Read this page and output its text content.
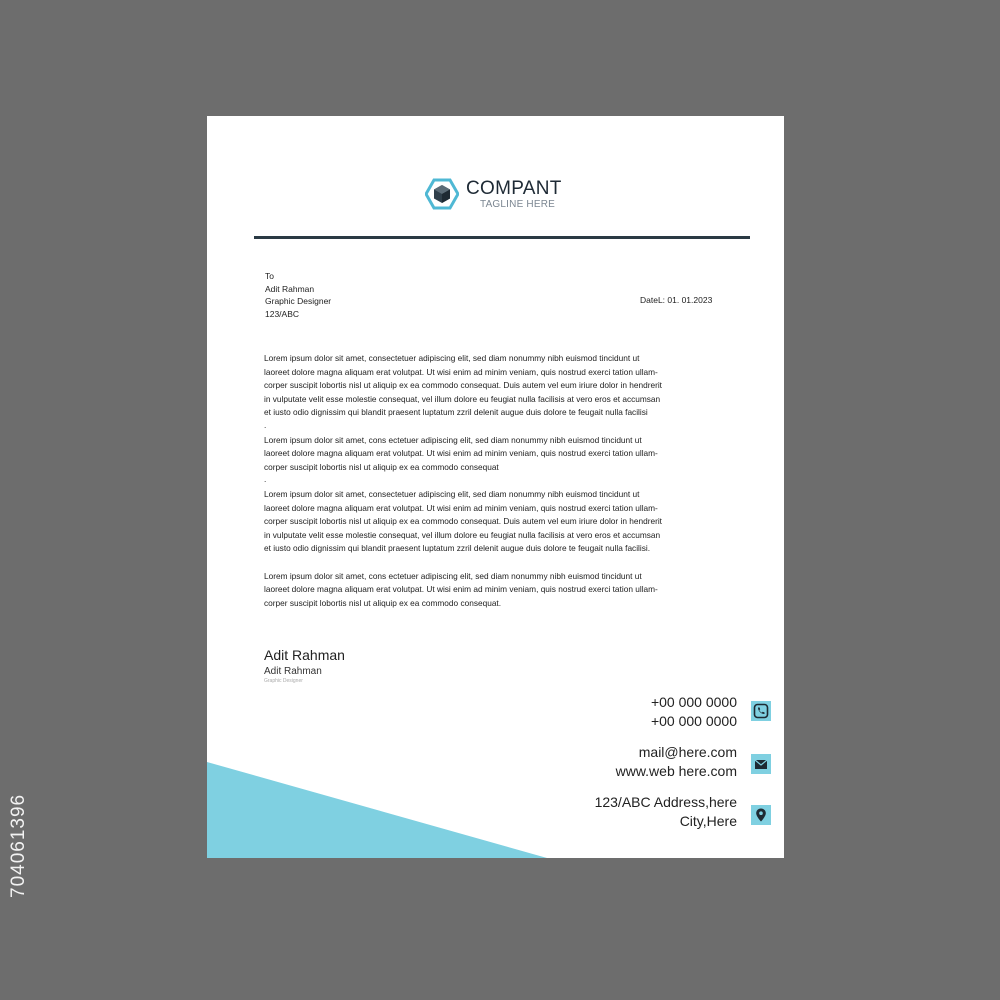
704061396
COMPANT
TAGLINE HERE
To
Adit Rahman
Graphic Designer
123/ABC
DateL: 01. 01.2023

Lorem ipsum dolor sit amet, consectetuer adipiscing elit, sed diam nonummy nibh euismod tincidunt ut
laoreet dolore magna aliquam erat volutpat. Ut wisi enim ad minim veniam, quis nostrud exerci tation ullam-
corper suscipit lobortis nisl ut aliquip ex ea commodo consequat. Duis autem vel eum iriure dolor in hendrerit
in vulputate velit esse molestie consequat, vel illum dolore eu feugiat nulla facilisis at vero eros et accumsan
et iusto odio dignissim qui blandit praesent luptatum zzril delenit augue duis dolore te feugait nulla facilisi

.

Lorem ipsum dolor sit amet, cons ectetuer adipiscing elit, sed diam nonummy nibh euismod tincidunt ut
laoreet dolore magna aliquam erat volutpat. Ut wisi enim ad minim veniam, quis nostrud exerci tation ullam-
corper suscipit lobortis nisl ut aliquip ex ea commodo consequat

.

Lorem ipsum dolor sit amet, consectetuer adipiscing elit, sed diam nonummy nibh euismod tincidunt ut
laoreet dolore magna aliquam erat volutpat. Ut wisi enim ad minim veniam, quis nostrud exerci tation ullam-
corper suscipit lobortis nisl ut aliquip ex ea commodo consequat. Duis autem vel eum iriure dolor in hendrerit
in vulputate velit esse molestie consequat, vel illum dolore eu feugiat nulla facilisis at vero eros et accumsan
et iusto odio dignissim qui blandit praesent luptatum zzril delenit augue duis dolore te feugait nulla facilisi.

Lorem ipsum dolor sit amet, cons ectetuer adipiscing elit, sed diam nonummy nibh euismod tincidunt ut
laoreet dolore magna aliquam erat volutpat. Ut wisi enim ad minim veniam, quis nostrud exerci tation ullam-
corper suscipit lobortis nisl ut aliquip ex ea commodo consequat.

Adit Rahman
Adit Rahman
Graphic Designer
+00 000 0000
+00 000 0000
mail@here.com
www.web here.com
123/ABC Address,here
City,Here
